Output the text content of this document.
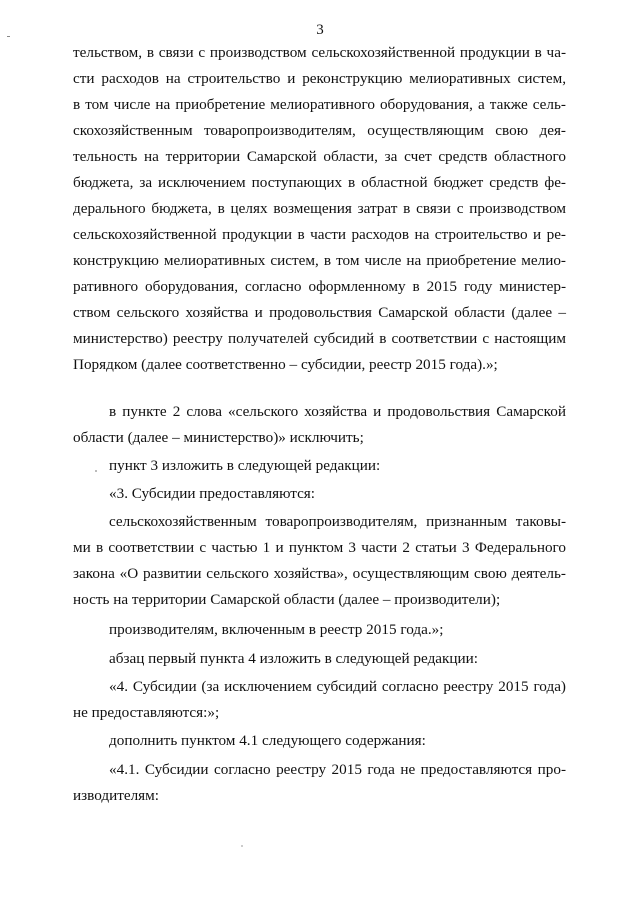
3
тельством, в связи с производством сельскохозяйственной продукции в ча-
сти расходов на строительство и реконструкцию мелиоративных систем,
в том числе на приобретение мелиоративного оборудования, а также сель-
скохозяйственным товаропроизводителям, осуществляющим свою дея-
тельность на территории Самарской области, за счет средств областного
бюджета, за исключением поступающих в областной бюджет средств фе-
дерального бюджета, в целях возмещения затрат в связи с производством
сельскохозяйственной продукции в части расходов на строительство и ре-
конструкцию мелиоративных систем, в том числе на приобретение мелио-
ративного оборудования, согласно оформленному в 2015 году министер-
ством сельского хозяйства и продовольствия Самарской области (далее –
министерство) реестру получателей субсидий в соответствии с настоящим
Порядком (далее соответственно – субсидии, реестр 2015 года).»;
в пункте 2 слова «сельского хозяйства и продовольствия Самарской
области (далее – министерство)» исключить;
пункт 3 изложить в следующей редакции:
«3. Субсидии предоставляются:
сельскохозяйственным товаропроизводителям, признанным таковы-
ми в соответствии с частью 1 и пунктом 3 части 2 статьи 3 Федерального
закона «О развитии сельского хозяйства», осуществляющим свою деятель-
ность на территории Самарской области (далее – производители);
производителям, включенным в реестр 2015 года.»;
абзац первый пункта 4 изложить в следующей редакции:
«4. Субсидии (за исключением субсидий согласно реестру 2015 года)
не предоставляются:»;
дополнить пунктом 4.1 следующего содержания:
«4.1. Субсидии согласно реестру 2015 года не предоставляются про-
изводителям:
